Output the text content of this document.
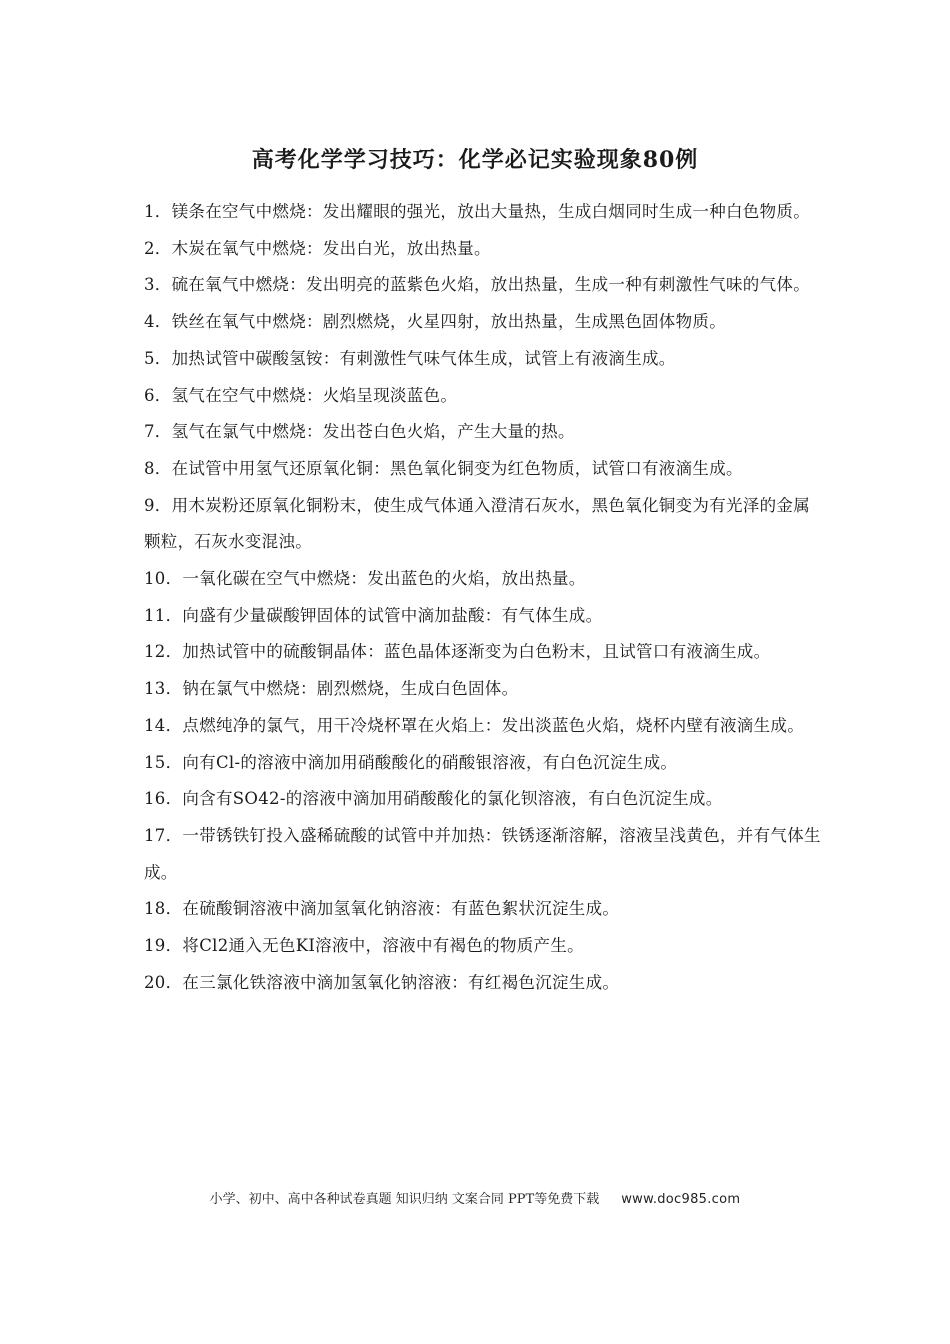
高考化学学习技巧：化学必记实验现象80例

1．镁条在空气中燃烧：发出耀眼的强光，放出大量热，生成白烟同时生成一种白色物质。

2．木炭在氧气中燃烧：发出白光，放出热量。

3．硫在氧气中燃烧：发出明亮的蓝紫色火焰，放出热量，生成一种有刺激性气味的气体。

4．铁丝在氧气中燃烧：剧烈燃烧，火星四射，放出热量，生成黑色固体物质。

5．加热试管中碳酸氢铵：有刺激性气味气体生成，试管上有液滴生成。

6．氢气在空气中燃烧：火焰呈现淡蓝色。

7．氢气在氯气中燃烧：发出苍白色火焰，产生大量的热。

8．在试管中用氢气还原氧化铜：黑色氧化铜变为红色物质，试管口有液滴生成。

9．用木炭粉还原氧化铜粉末，使生成气体通入澄清石灰水，黑色氧化铜变为有光泽的金属颗粒，石灰水变混浊。

10．一氧化碳在空气中燃烧：发出蓝色的火焰，放出热量。

11．向盛有少量碳酸钾固体的试管中滴加盐酸：有气体生成。

12．加热试管中的硫酸铜晶体：蓝色晶体逐渐变为白色粉末，且试管口有液滴生成。

13．钠在氯气中燃烧：剧烈燃烧，生成白色固体。

14．点燃纯净的氯气，用干冷烧杯罩在火焰上：发出淡蓝色火焰，烧杯内壁有液滴生成。

15．向有Cl-的溶液中滴加用硝酸酸化的硝酸银溶液，有白色沉淀生成。

16．向含有SO42-的溶液中滴加用硝酸酸化的氯化钡溶液，有白色沉淀生成。

17．一带锈铁钉投入盛稀硫酸的试管中并加热：铁锈逐渐溶解，溶液呈浅黄色，并有气体生成。

18．在硫酸铜溶液中滴加氢氧化钠溶液：有蓝色絮状沉淀生成。

19．将Cl2通入无色KI溶液中，溶液中有褐色的物质产生。

20．在三氯化铁溶液中滴加氢氧化钠溶液：有红褐色沉淀生成。

小学、初中、高中各种试卷真题 知识归纳 文案合同 PPT等免费下载 www.doc985.com
